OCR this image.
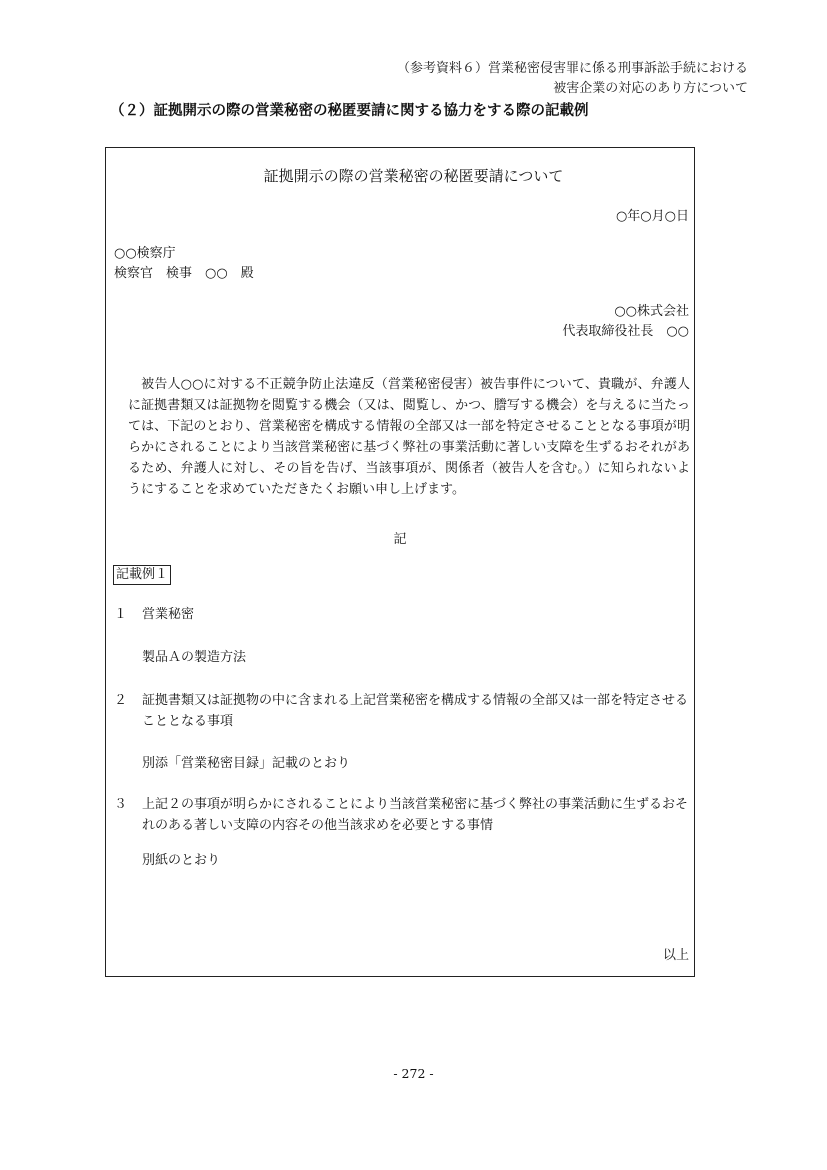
（参考資料６）営業秘密侵害罪に係る刑事訴訟手続における
被害企業の対応のあり方について
（２）証拠開示の際の営業秘密の秘匿要請に関する協力をする際の記載例
証拠開示の際の営業秘密の秘匿要請について
○年○月○日
○○検察庁
検察官　検事　○○　殿
○○株式会社
代表取締役社長　○○
被告人○○に対する不正競争防止法違反（営業秘密侵害）被告事件について、貴職が、弁護人に証拠書類又は証拠物を閲覧する機会（又は、閲覧し、かつ、謄写する機会）を与えるに当たっては、下記のとおり、営業秘密を構成する情報の全部又は一部を特定させることとなる事項が明らかにされることにより当該営業秘密に基づく弊社の事業活動に著しい支障を生ずるおそれがあるため、弁護人に対し、その旨を告げ、当該事項が、関係者（被告人を含む。）に知られないようにすることを求めていただきたくお願い申し上げます。
記
記載例１
１ 営業秘密
製品Ａの製造方法
２	証拠書類又は証拠物の中に含まれる上記営業秘密を構成する情報の全部又は一部を特定させることとなる事項
別添「営業秘密目録」記載のとおり
３	上記２の事項が明らかにされることにより当該営業秘密に基づく弊社の事業活動に生ずるおそれのある著しい支障の内容その他当該求めを必要とする事情
別紙のとおり
以上
- 272 -
